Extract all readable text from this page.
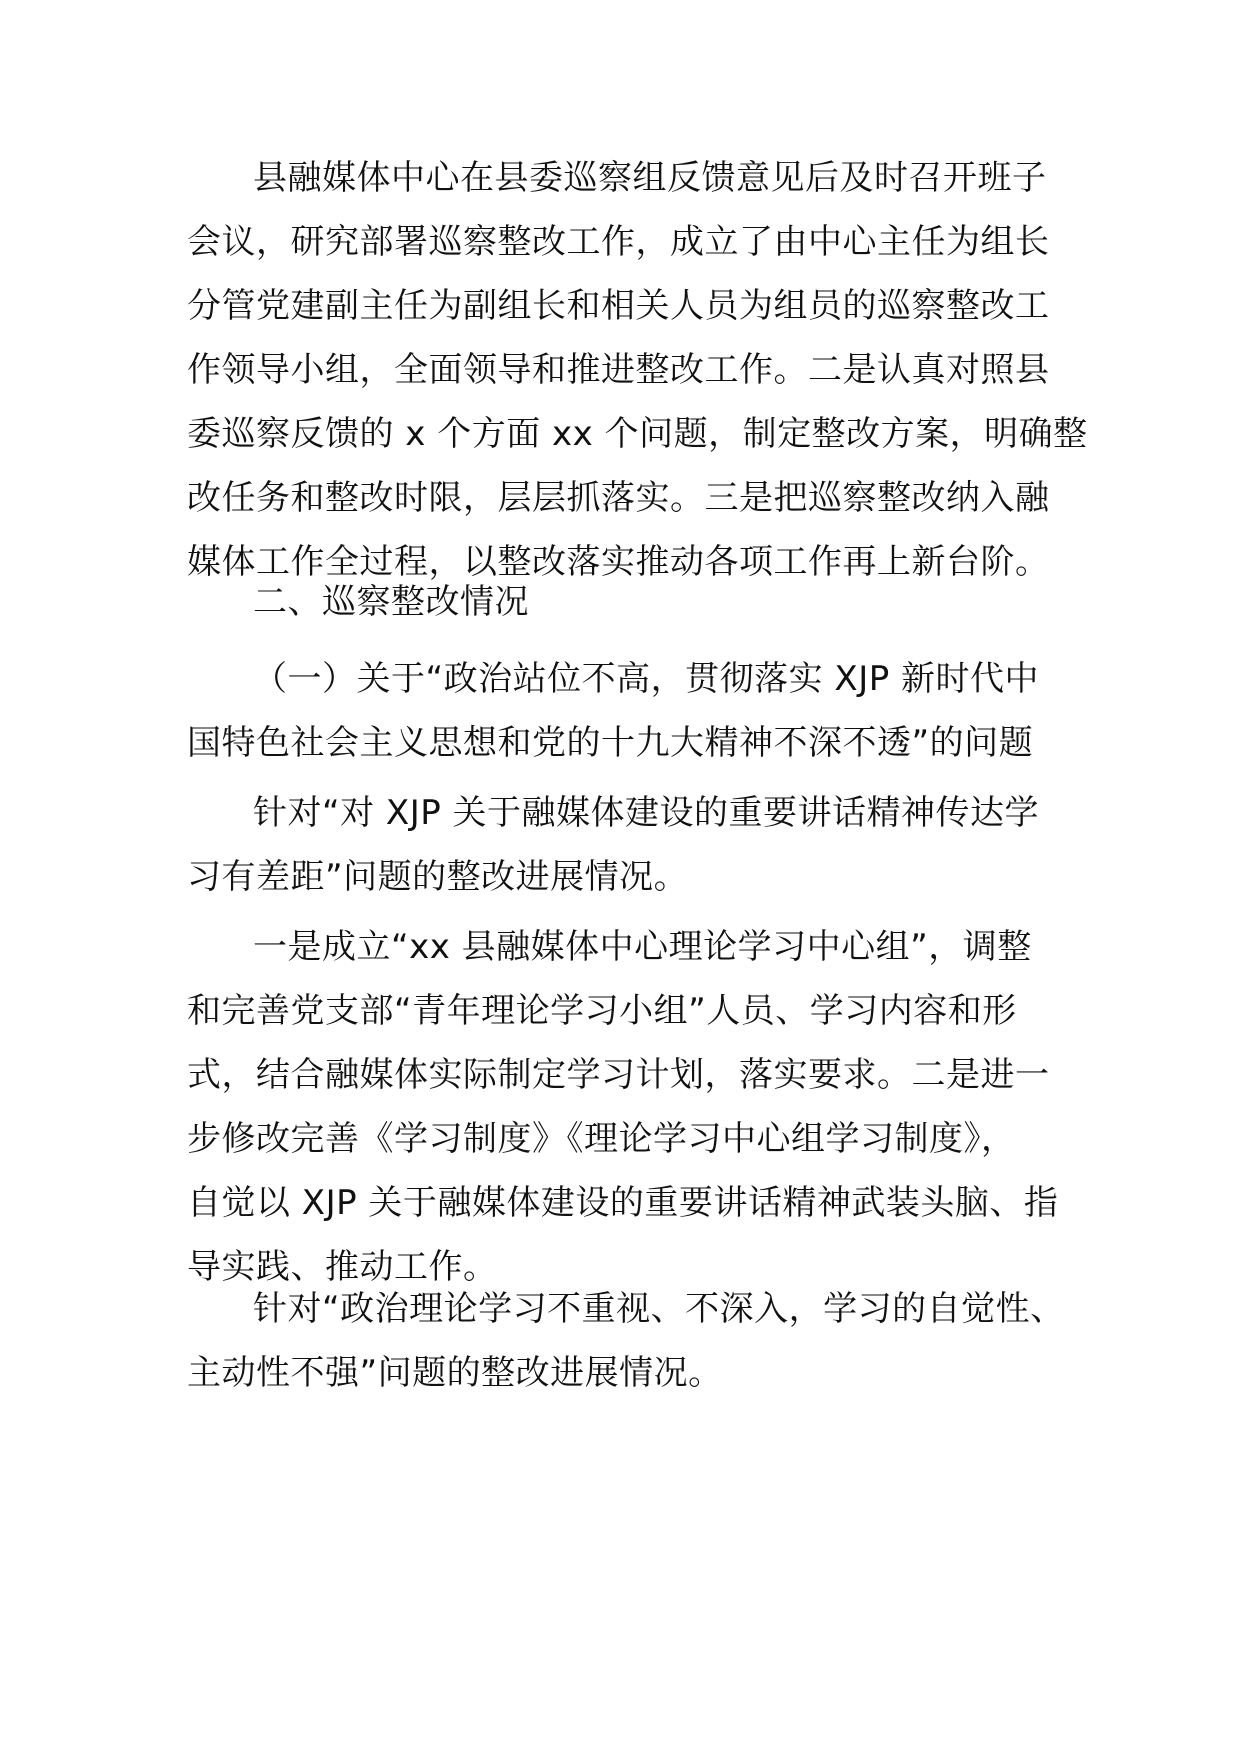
县融媒体中心在县委巡察组反馈意见后及时召开班子
会议，研究部署巡察整改工作，成立了由中心主任为组长
分管党建副主任为副组长和相关人员为组员的巡察整改工
作领导小组，全面领导和推进整改工作。二是认真对照县
委巡察反馈的 x 个方面 xx 个问题，制定整改方案，明确整
改任务和整改时限，层层抓落实。三是把巡察整改纳入融
媒体工作全过程，以整改落实推动各项工作再上新台阶。
二、巡察整改情况
（一）关于“政治站位不高，贯彻落实 XJP 新时代中
国特色社会主义思想和党的十九大精神不深不透”的问题
针对“对 XJP 关于融媒体建设的重要讲话精神传达学
习有差距”问题的整改进展情况。
一是成立“xx 县融媒体中心理论学习中心组”，调整
和完善党支部“青年理论学习小组”人员、学习内容和形
式，结合融媒体实际制定学习计划，落实要求。二是进一
步修改完善《学习制度》《理论学习中心组学习制度》，
自觉以 XJP 关于融媒体建设的重要讲话精神武装头脑、指
导实践、推动工作。
针对“政治理论学习不重视、不深入，学习的自觉性、
主动性不强”问题的整改进展情况。
